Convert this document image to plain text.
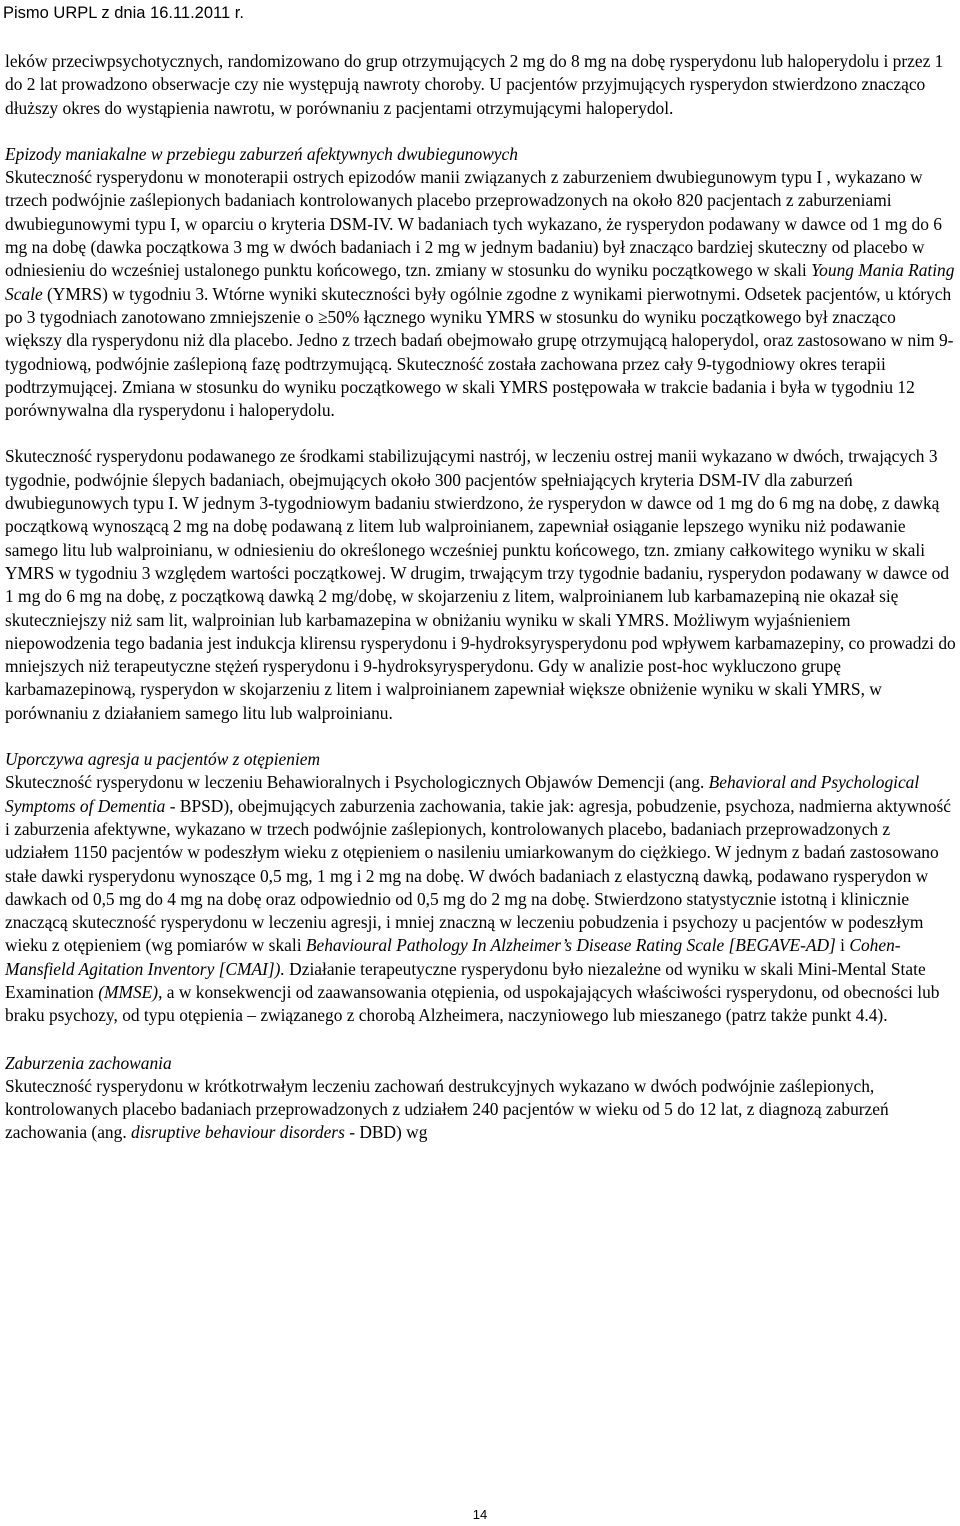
Pismo URPL z dnia 16.11.2011 r.

leków przeciwpsychotycznych, randomizowano do grup otrzymujących 2 mg do 8 mg na dobę rysperydonu lub haloperydolu i przez 1 do 2 lat prowadzono obserwacje czy nie występują nawroty choroby. U pacjentów przyjmujących rysperydon stwierdzono znacząco dłuższy okres do wystąpienia nawrotu, w porównaniu z pacjentami otrzymującymi haloperydol.

Epizody maniakalne w przebiegu zaburzeń afektywnych dwubiegunowych

Skuteczność rysperydonu w monoterapii ostrych epizodów manii związanych z zaburzeniem dwubiegunowym typu I , wykazano w trzech podwójnie zaślepionych badaniach kontrolowanych placebo przeprowadzonych na około 820 pacjentach z zaburzeniami dwubiegunowymi typu I, w oparciu o kryteria DSM-IV. W badaniach tych wykazano, że rysperydon podawany w dawce od 1 mg do 6 mg na dobę (dawka początkowa 3 mg w dwóch badaniach i 2 mg w jednym badaniu) był znacząco bardziej skuteczny od placebo w odniesieniu do wcześniej ustalonego punktu końcowego, tzn. zmiany w stosunku do wyniku początkowego w skali Young Mania Rating Scale (YMRS) w tygodniu 3. Wtórne wyniki skuteczności były ogólnie zgodne z wynikami pierwotnymi. Odsetek pacjentów, u których po 3 tygodniach zanotowano zmniejszenie o ≥50% łącznego wyniku YMRS w stosunku do wyniku początkowego był znacząco większy dla rysperydonu niż dla placebo. Jedno z trzech badań obejmowało grupę otrzymującą haloperydol, oraz zastosowano w nim 9-tygodniową, podwójnie zaślepioną fazę podtrzymującą. Skuteczność została zachowana przez cały 9-tygodniowy okres terapii podtrzymującej. Zmiana w stosunku do wyniku początkowego w skali YMRS postępowała w trakcie badania i była w tygodniu 12 porównywalna dla rysperydonu i haloperydolu.

Skuteczność rysperydonu podawanego ze środkami stabilizującymi nastrój, w leczeniu ostrej manii wykazano w dwóch, trwających 3 tygodnie, podwójnie ślepych badaniach, obejmujących około 300 pacjentów spełniających kryteria DSM-IV dla zaburzeń dwubiegunowych typu I. W jednym 3-tygodniowym badaniu stwierdzono, że rysperydon w dawce od 1 mg do 6 mg na dobę, z dawką początkową wynoszącą 2 mg na dobę podawaną z litem lub walproinianem, zapewniał osiąganie lepszego wyniku niż podawanie samego litu lub walproinianu, w odniesieniu do określonego wcześniej punktu końcowego, tzn. zmiany całkowitego wyniku w skali YMRS w tygodniu 3 względem wartości początkowej. W drugim, trwającym trzy tygodnie badaniu, rysperydon podawany w dawce od 1 mg do 6 mg na dobę, z początkową dawką 2 mg/dobę, w skojarzeniu z litem, walproinianem lub karbamazepiną nie okazał się skuteczniejszy niż sam lit, walproinian lub karbamazepina w obniżaniu wyniku w skali YMRS. Możliwym wyjaśnieniem niepowodzenia tego badania jest indukcja klirensu rysperydonu i 9-hydroksyrysperydonu pod wpływem karbamazepiny, co prowadzi do mniejszych niż terapeutyczne stężeń rysperydonu i 9-hydroksyrysperydonu. Gdy w analizie post-hoc wykluczono grupę karbamazepinową, rysperydon w skojarzeniu z litem i walproinianem zapewniał większe obniżenie wyniku w skali YMRS, w porównaniu z działaniem samego litu lub walproinianu.

Uporczywa agresja u pacjentów z otępieniem

Skuteczność rysperydonu w leczeniu Behawioralnych i Psychologicznych Objawów Demencji (ang. Behavioral and Psychological Symptoms of Dementia - BPSD), obejmujących zaburzenia zachowania, takie jak: agresja, pobudzenie, psychoza, nadmierna aktywność i zaburzenia afektywne, wykazano w trzech podwójnie zaślepionych, kontrolowanych placebo, badaniach przeprowadzonych z udziałem 1150 pacjentów w podeszłym wieku z otępieniem o nasileniu umiarkowanym do ciężkiego. W jednym z badań zastosowano stałe dawki rysperydonu wynoszące 0,5 mg, 1 mg i 2 mg na dobę. W dwóch badaniach z elastyczną dawką, podawano rysperydon w dawkach od 0,5 mg do 4 mg na dobę oraz odpowiednio od 0,5 mg do 2 mg na dobę. Stwierdzono statystycznie istotną i klinicznie znaczącą skuteczność rysperydonu w leczeniu agresji, i mniej znaczną w leczeniu pobudzenia i psychozy u pacjentów w podeszłym wieku z otępieniem (wg pomiarów w skali Behavioural Pathology In Alzheimer’s Disease Rating Scale [BEGAVE-AD] i Cohen-Mansfield Agitation Inventory [CMAI]). Działanie terapeutyczne rysperydonu było niezależne od wyniku w skali Mini-Mental State Examination (MMSE), a w konsekwencji od zaawansowania otępienia, od uspokajających właściwości rysperydonu, od obecności lub braku psychozy, od typu otępienia – związanego z chorobą Alzheimera, naczyniowego lub mieszanego (patrz także punkt 4.4).

Zaburzenia zachowania

Skuteczność rysperydonu w krótkotrwałym leczeniu zachowań destrukcyjnych wykazano w dwóch podwójnie zaślepionych, kontrolowanych placebo badaniach przeprowadzonych z udziałem 240 pacjentów w wieku od 5 do 12 lat, z diagnozą zaburzeń zachowania (ang. disruptive behaviour disorders - DBD) wg

14
